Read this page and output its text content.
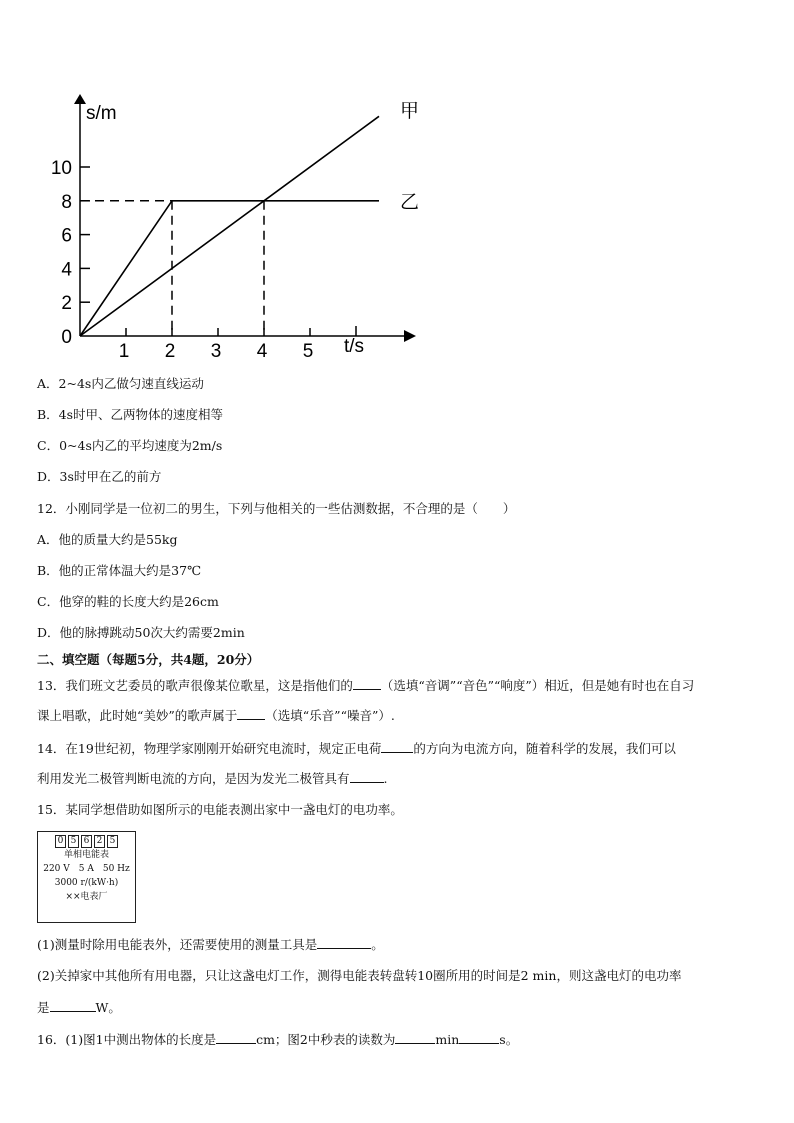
0
2
4
6
8
10
1 2 3 4 5
s/m
t/s
甲
乙
A．2~4s内乙做匀速直线运动
B．4s时甲、乙两物体的速度相等
C．0~4s内乙的平均速度为2m/s
D．3s时甲在乙的前方
12．小刚同学是一位初二的男生，下列与他相关的一些估测数据，不合理的是（　　）
A．他的质量大约是55kg
B．他的正常体温大约是37℃
C．他穿的鞋的长度大约是26cm
D．他的脉搏跳动50次大约需要2min
二、填空题（每题5分，共4题，20分）
13．我们班文艺委员的歌声很像某位歌星，这是指他们的 （选填“音调”“音色”“响度”）相近，但是她有时也在自习
课上唱歌，此时她“美妙”的歌声属于 （选填“乐音”“噪音”）.
14．在19世纪初，物理学家刚刚开始研究电流时，规定正电荷	的方向为电流方向，随着科学的发展，我们可以
利用发光二极管判断电流的方向，是因为发光二极管具有	.
15．某同学想借助如图所示的电能表测出家中一盏电灯的电功率。
0 5 6 2 5
单相电能表
220 V　5 A　50 Hz
3000 r/(kW·h)
××电表厂
(1)测量时除用电能表外，还需要使用的测量工具是	。
(2)关掉家中其他所有用电器，只让这盏电灯工作，测得电能表转盘转10圈所用的时间是2 min，则这盏电灯的电功率
是	W。
16．(1)图1中测出物体的长度是	cm；图2中秒表的读数为	min	s。
